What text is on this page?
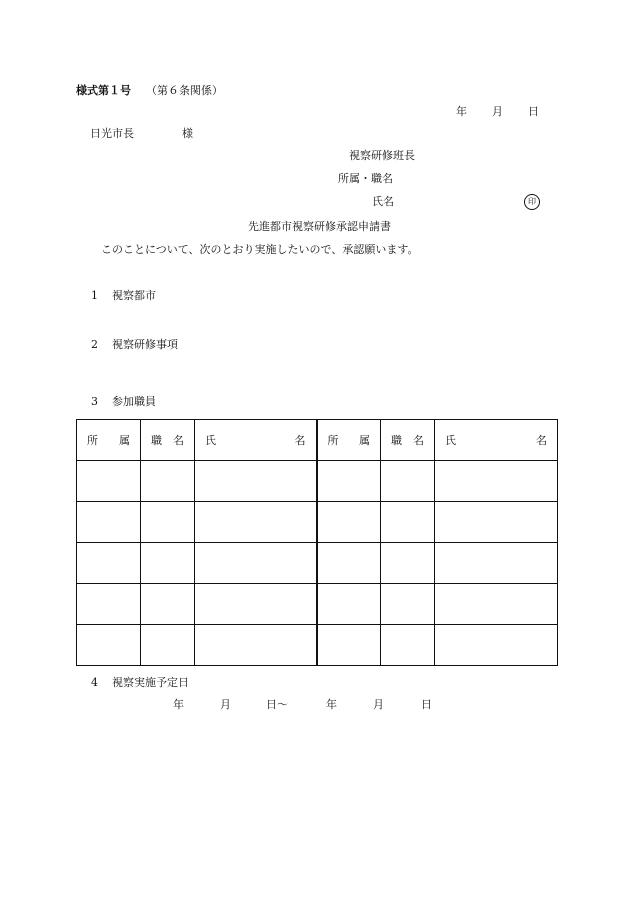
様式第１号 （第６条関係）
年 月 日
日光市長	様
視察研修班長
所属・職名
氏名	印
先進都市視察研修承認申請書
このことについて、次のとおり実施したいので、承認願います。
1 視察都市
2 視察研修事項
3 参加職員
所 属	職 名	氏 名	所 属	職 名	氏 名

4 視察実施予定日
年	月	日〜	年	月	日
